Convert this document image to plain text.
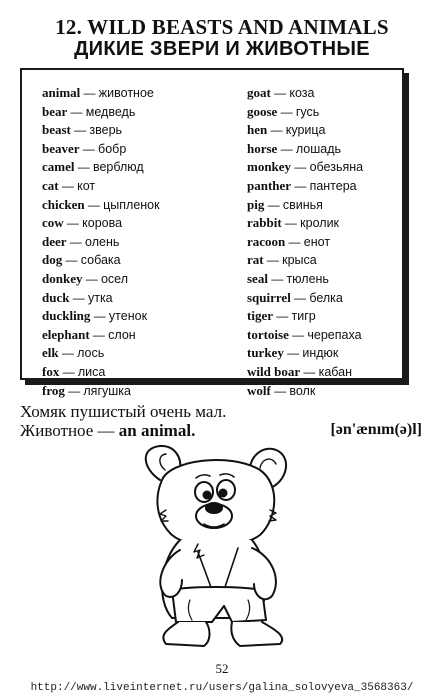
12. WILD BEASTS AND ANIMALS
ДИКИЕ ЗВЕРИ И ЖИВОТНЫЕ
animal — животное
bear — медведь
beast — зверь
beaver — бобр
camel — верблюд
cat — кот
chicken — цыпленок
cow — корова
deer — олень
dog — собака
donkey — осел
duck — утка
duckling — утенок
elephant — слон
elk — лось
fox — лиса
frog — лягушка
goat — коза
goose — гусь
hen — курица
horse — лошадь
monkey — обезьяна
panther — пантера
pig — свинья
rabbit — кролик
racoon — енот
rat — крыса
seal — тюлень
squirrel — белка
tiger — тигр
tortoise — черепаха
turkey — индюк
wild boar — кабан
wolf — волк
Хомяк пушистый очень мал.
Животное — an animal.	[ən'ænım(ə)l]
52
http://www.liveinternet.ru/users/galina_solovyeva_3568363/
